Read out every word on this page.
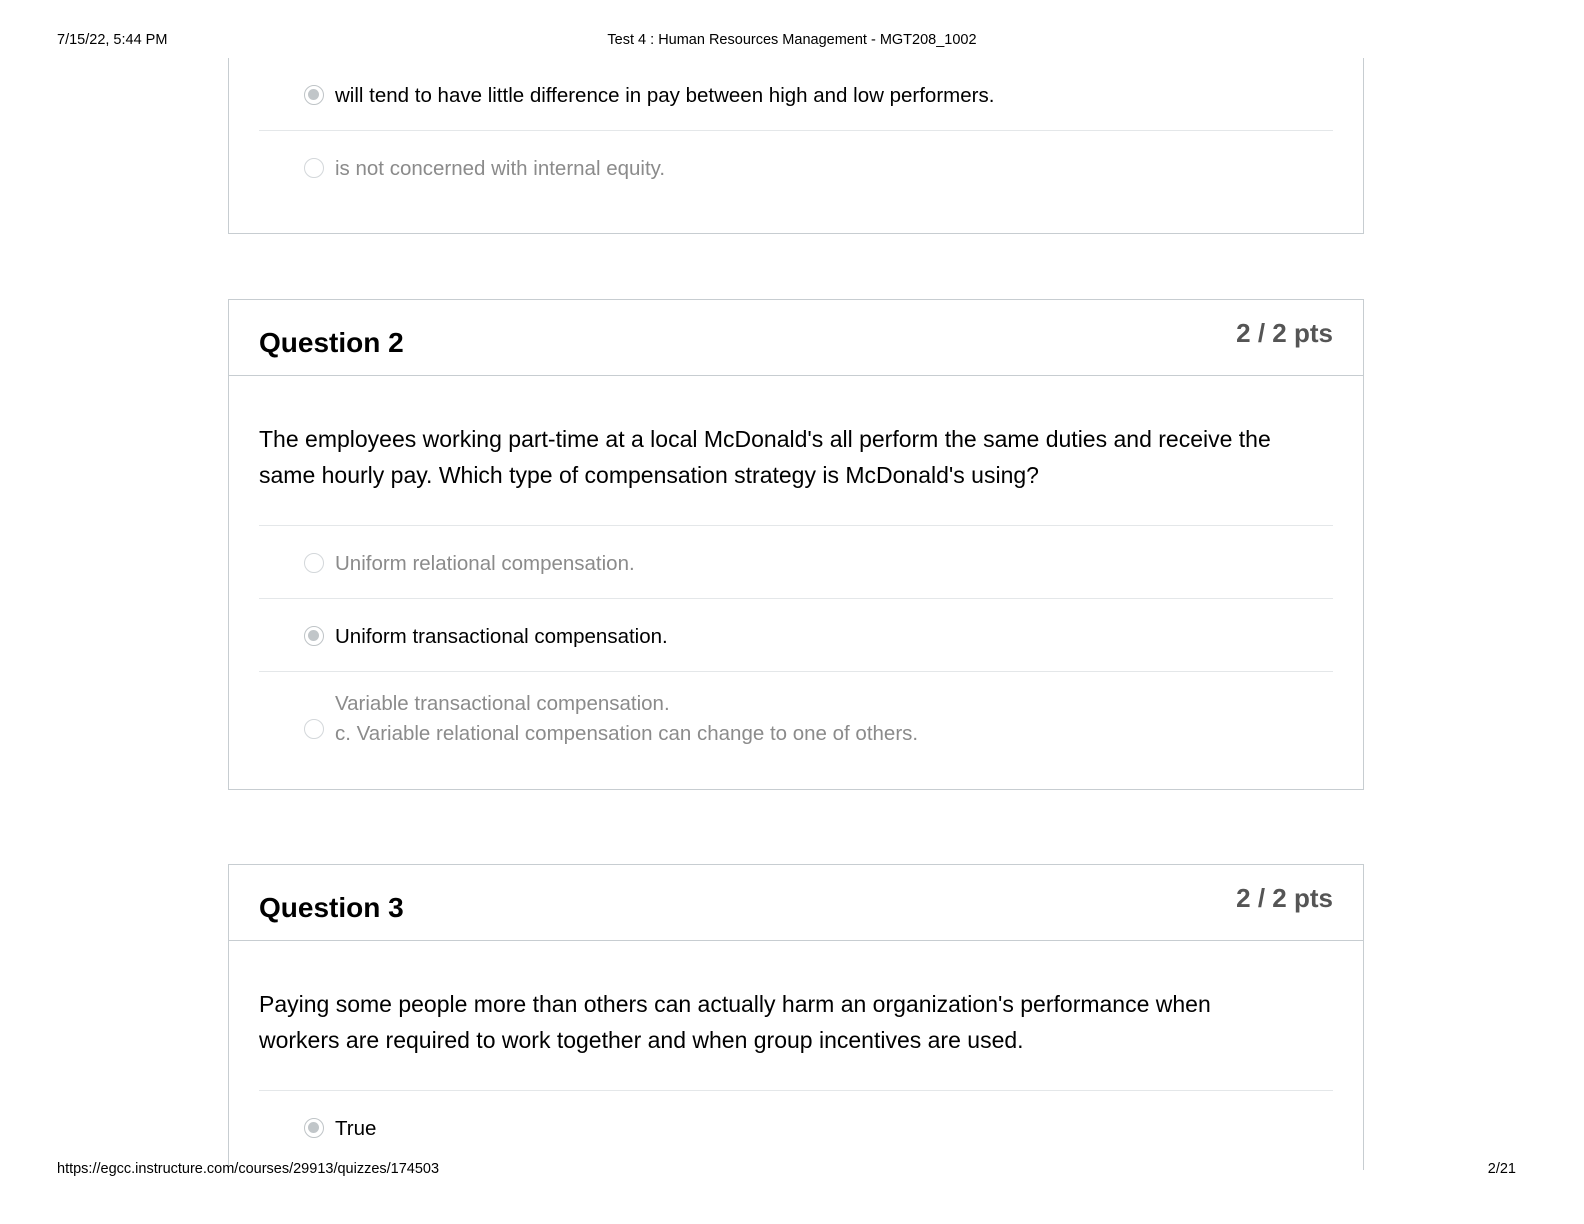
7/15/22, 5:44 PM	Test 4 : Human Resources Management - MGT208_1002
will tend to have little difference in pay between high and low performers.
is not concerned with internal equity.
Question 2	2 / 2 pts
The employees working part-time at a local McDonald's all perform the same duties and receive the
same hourly pay. Which type of compensation strategy is McDonald's using?
Uniform relational compensation.
Uniform transactional compensation.
Variable transactional compensation.
c. Variable relational compensation can change to one of others.
Question 3	2 / 2 pts
Paying some people more than others can actually harm an organization's performance when
workers are required to work together and when group incentives are used.
True
https://egcc.instructure.com/courses/29913/quizzes/174503	2/21
